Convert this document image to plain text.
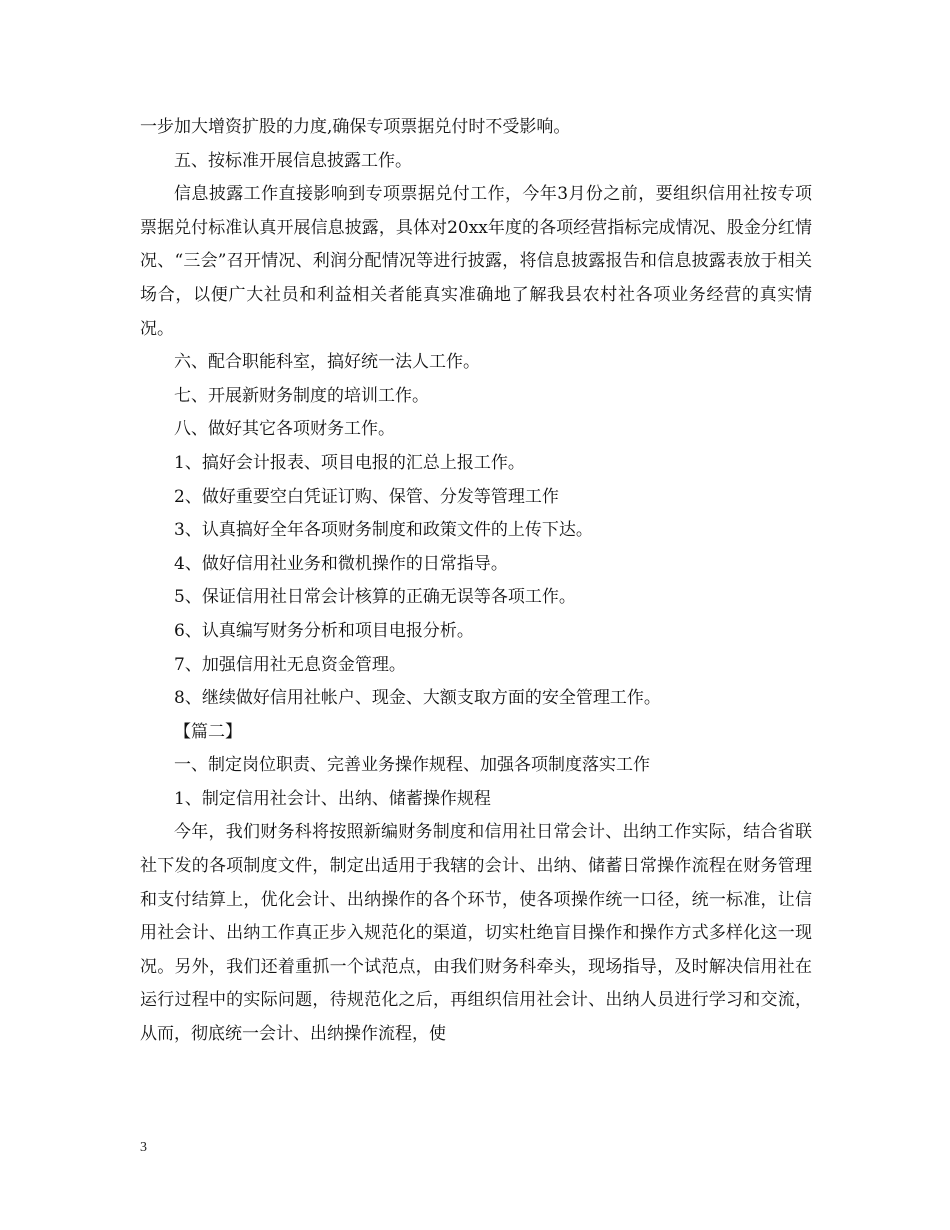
一步加大增资扩股的力度,确保专项票据兑付时不受影响。

五、按标准开展信息披露工作。

信息披露工作直接影响到专项票据兑付工作，今年3月份之前，要组织信用社按专项票据兑付标准认真开展信息披露，具体对20xx年度的各项经营指标完成情况、股金分红情况、“三会”召开情况、利润分配情况等进行披露，将信息披露报告和信息披露表放于相关场合，以便广大社员和利益相关者能真实准确地了解我县农村社各项业务经营的真实情况。

六、配合职能科室，搞好统一法人工作。

七、开展新财务制度的培训工作。

八、做好其它各项财务工作。

1、搞好会计报表、项目电报的汇总上报工作。

2、做好重要空白凭证订购、保管、分发等管理工作

3、认真搞好全年各项财务制度和政策文件的上传下达。

4、做好信用社业务和微机操作的日常指导。

5、保证信用社日常会计核算的正确无误等各项工作。

6、认真编写财务分析和项目电报分析。

7、加强信用社无息资金管理。

8、继续做好信用社帐户、现金、大额支取方面的安全管理工作。

【篇二】

一、制定岗位职责、完善业务操作规程、加强各项制度落实工作

1、制定信用社会计、出纳、储蓄操作规程

今年，我们财务科将按照新编财务制度和信用社日常会计、出纳工作实际，结合省联社下发的各项制度文件，制定出适用于我辖的会计、出纳、储蓄日常操作流程在财务管理和支付结算上，优化会计、出纳操作的各个环节，使各项操作统一口径，统一标准，让信用社会计、出纳工作真正步入规范化的渠道，切实杜绝盲目操作和操作方式多样化这一现况。另外，我们还着重抓一个试范点，由我们财务科牵头，现场指导，及时解决信用社在运行过程中的实际问题，待规范化之后，再组织信用社会计、出纳人员进行学习和交流，从而，彻底统一会计、出纳操作流程，使

3
